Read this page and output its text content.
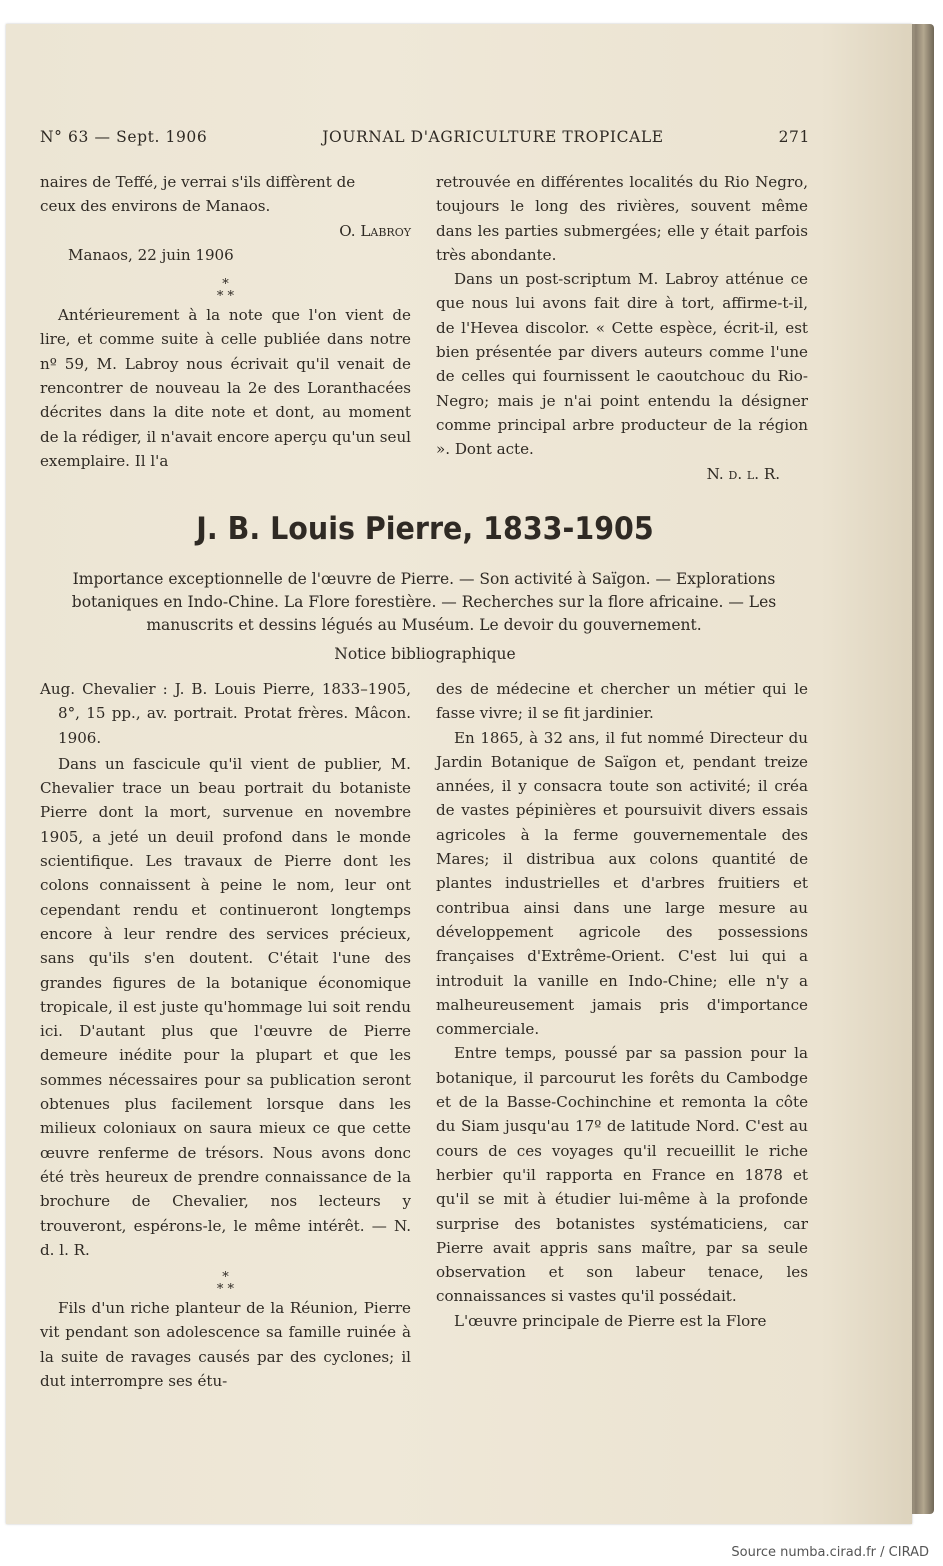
N° 63 — Sept. 1906	JOURNAL D'AGRICULTURE TROPICALE	271

naires de Teffé, je verrai s'ils diffèrent de

ceux des environs de Manaos.

O. Labroy

Manaos, 22 juin 1906

*
* *

Antérieurement à la note que l'on vient de lire, et comme suite à celle publiée dans notre nº 59, M. Labroy nous écrivait qu'il venait de rencontrer de nouveau la 2e des Loranthacées décrites dans la dite note et dont, au moment de la rédiger, il n'avait encore aperçu qu'un seul exemplaire. Il l'a

retrouvée en différentes localités du Rio Negro, toujours le long des rivières, souvent même dans les parties submergées; elle y était parfois très abondante.

Dans un post-scriptum M. Labroy atténue ce que nous lui avons fait dire à tort, affirme-t-il, de l'Hevea discolor. « Cette espèce, écrit-il, est bien présentée par divers auteurs comme l'une de celles qui fournissent le caoutchouc du Rio-Negro; mais je n'ai point entendu la désigner comme principal arbre producteur de la région ». Dont acte.

N. d. l. R.

J. B. Louis Pierre, 1833-1905
Importance exceptionnelle de l'œuvre de Pierre. — Son activité à Saïgon. — Explorations botaniques en Indo-Chine. La Flore forestière. — Recherches sur la flore africaine. — Les manuscrits et dessins légués au Muséum. Le devoir du gouvernement.
Notice bibliographique

Aug. Chevalier : J. B. Louis Pierre, 1833–1905, 8°, 15 pp., av. portrait. Protat frères. Mâcon. 1906.

Dans un fascicule qu'il vient de publier, M. Chevalier trace un beau portrait du botaniste Pierre dont la mort, survenue en novembre 1905, a jeté un deuil profond dans le monde scientifique. Les travaux de Pierre dont les colons connaissent à peine le nom, leur ont cependant rendu et continueront longtemps encore à leur rendre des services précieux, sans qu'ils s'en doutent. C'était l'une des grandes figures de la botanique économique tropicale, il est juste qu'hommage lui soit rendu ici. D'autant plus que l'œuvre de Pierre demeure inédite pour la plupart et que les sommes nécessaires pour sa publication seront obtenues plus facilement lorsque dans les milieux coloniaux on saura mieux ce que cette œuvre renferme de trésors. Nous avons donc été très heureux de prendre connaissance de la brochure de Chevalier, nos lecteurs y trouveront, espérons-le, le même intérêt. — N. d. l. R.

*
* *

Fils d'un riche planteur de la Réunion, Pierre vit pendant son adolescence sa famille ruinée à la suite de ravages causés par des cyclones; il dut interrompre ses étu-

des de médecine et chercher un métier qui le fasse vivre; il se fit jardinier.

En 1865, à 32 ans, il fut nommé Directeur du Jardin Botanique de Saïgon et, pendant treize années, il y consacra toute son activité; il créa de vastes pépinières et poursuivit divers essais agricoles à la ferme gouvernementale des Mares; il distribua aux colons quantité de plantes industrielles et d'arbres fruitiers et contribua ainsi dans une large mesure au développement agricole des possessions françaises d'Extrême-Orient. C'est lui qui a introduit la vanille en Indo-Chine; elle n'y a malheureusement jamais pris d'importance commerciale.

Entre temps, poussé par sa passion pour la botanique, il parcourut les forêts du Cambodge et de la Basse-Cochinchine et remonta la côte du Siam jusqu'au 17º de latitude Nord. C'est au cours de ces voyages qu'il recueillit le riche herbier qu'il rapporta en France en 1878 et qu'il se mit à étudier lui-même à la profonde surprise des botanistes systématiciens, car Pierre avait appris sans maître, par sa seule observation et son labeur tenace, les connaissances si vastes qu'il possédait.

L'œuvre principale de Pierre est la Flore

Source numba.cirad.fr / CIRAD
